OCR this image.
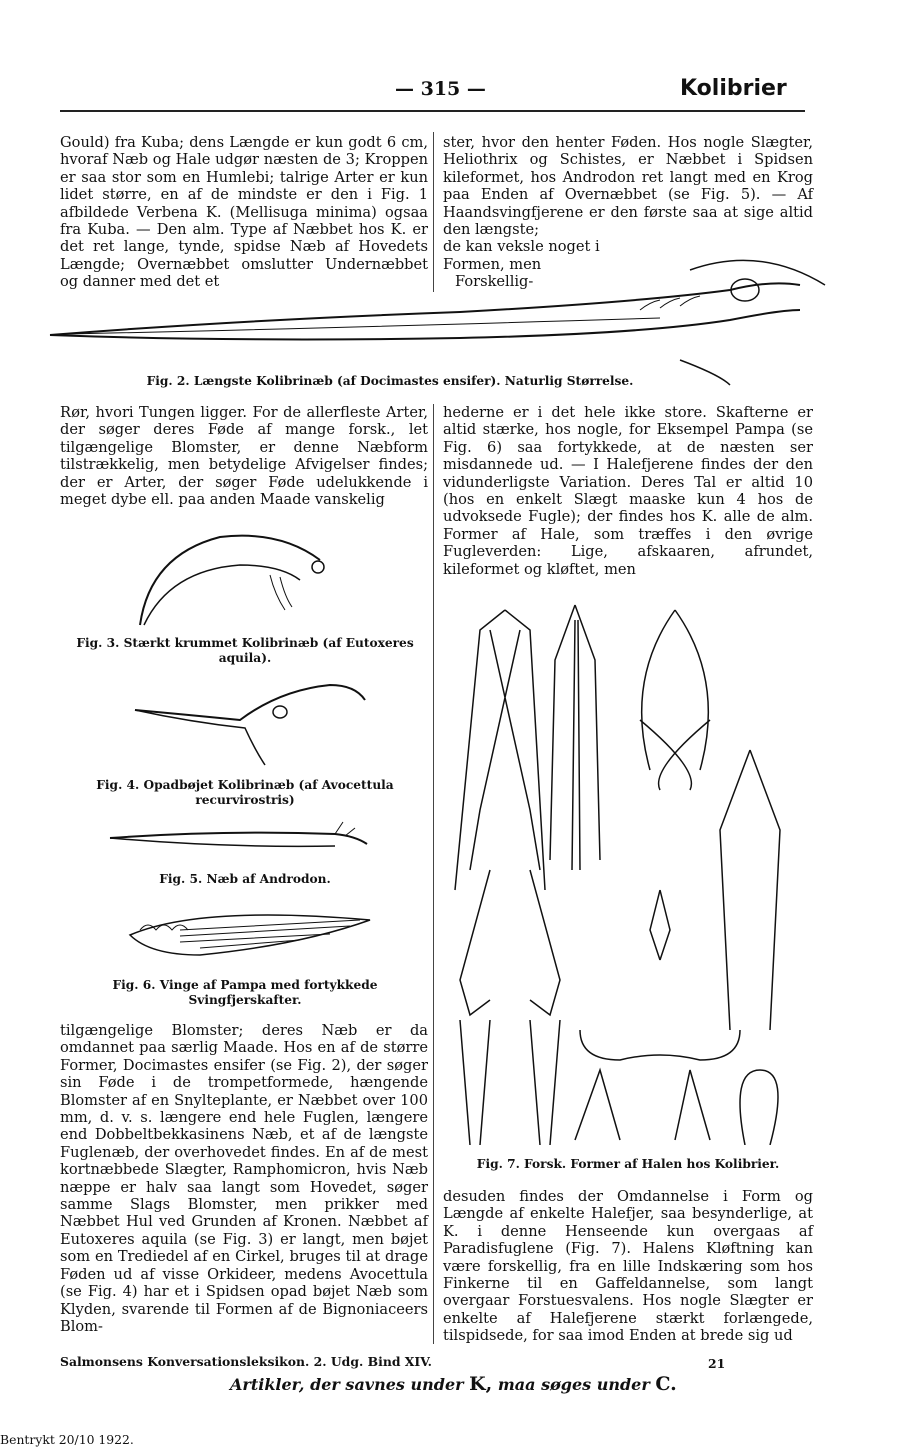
— 315 —	Kolibrier

Gould) fra Kuba; dens Længde er kun godt 6 cm, hvoraf Næb og Hale udgør næsten de 3; Kroppen er saa stor som en Humlebi; talrige Arter er kun lidet større, en af de mindste er den i Fig. 1 afbildede Verbena K. (Mellisuga minima) ogsaa fra Kuba. — Den alm. Type af Næbbet hos K. er det ret lange, tynde, spidse Næb af Hovedets Længde; Overnæbbet omslutter Undernæbbet og danner med det et

ster, hvor den henter Føden. Hos nogle Slægter, Heliothrix og Schistes, er Næbbet i Spidsen kileformet, hos Androdon ret langt med en Krog paa Enden af Overnæbbet (se Fig. 5). — Af Haandsvingfjerene er den første saa at sige altid den længste;

de kan veksle noget i

Formen, men

Forskellig-

Fig. 2. Længste Kolibrinæb (af Docimastes ensifer). Naturlig Størrelse.

Rør, hvori Tungen ligger. For de allerfleste Arter, der søger deres Føde af mange forsk., let tilgængelige Blomster, er denne Næbform tilstrækkelig, men betydelige Afvigelser findes; der er Arter, der søger Føde udelukkende i meget dybe ell. paa anden Maade vanskelig

hederne er i det hele ikke store. Skafterne er altid stærke, hos nogle, for Eksempel Pampa (se Fig. 6) saa fortykkede, at de næsten ser misdannede ud. — I Halefjerene findes der den vidunderligste Variation. Deres Tal er altid 10 (hos en enkelt Slægt maaske kun 4 hos de udvoksede Fugle); der findes hos K. alle de alm. Former af Hale, som træffes i den øvrige Fugleverden: Lige, afskaaren, afrundet, kileformet og kløftet, men

Fig. 3. Stærkt krummet Kolibrinæb (af Eutoxeres aquila).
Fig. 4. Opadbøjet Kolibrinæb (af Avocettula recurvirostris)
Fig. 5. Næb af Androdon.
Fig. 6. Vinge af Pampa med fortykkede Svingfjerskafter.
Fig. 7. Forsk. Former af Halen hos Kolibrier.

tilgængelige Blomster; deres Næb er da omdannet paa særlig Maade. Hos en af de større Former, Docimastes ensifer (se Fig. 2), der søger sin Føde i de trompetformede, hængende Blomster af en Snylteplante, er Næbbet over 100 mm, d. v. s. længere end hele Fuglen, længere end Dobbeltbekkasinens Næb, et af de længste Fuglenæb, der overhovedet findes. En af de mest kortnæbbede Slægter, Ramphomicron, hvis Næb næppe er halv saa langt som Hovedet, søger samme Slags Blomster, men prikker med Næbbet Hul ved Grunden af Kronen. Næbbet af Eutoxeres aquila (se Fig. 3) er langt, men bøjet som en Trediedel af en Cirkel, bruges til at drage Føden ud af visse Orkideer, medens Avocettula (se Fig. 4) har et i Spidsen opad bøjet Næb som Klyden, svarende til Formen af de Bignoniaceers Blom-

desuden findes der Omdannelse i Form og Længde af enkelte Halefjer, saa besynderlige, at K. i denne Henseende kun overgaas af Paradisfuglene (Fig. 7). Halens Kløftning kan være forskellig, fra en lille Indskæring som hos Finkerne til en Gaffeldannelse, som langt overgaar Forstuesvalens. Hos nogle Slægter er enkelte af Halefjerene stærkt forlængede, tilspidsede, for saa imod Enden at brede sig ud

Salmonsens Konversationsleksikon. 2. Udg. Bind XIV.	21
Artikler, der savnes under K, maa søges under C.
Bentrykt 20/10 1922.
